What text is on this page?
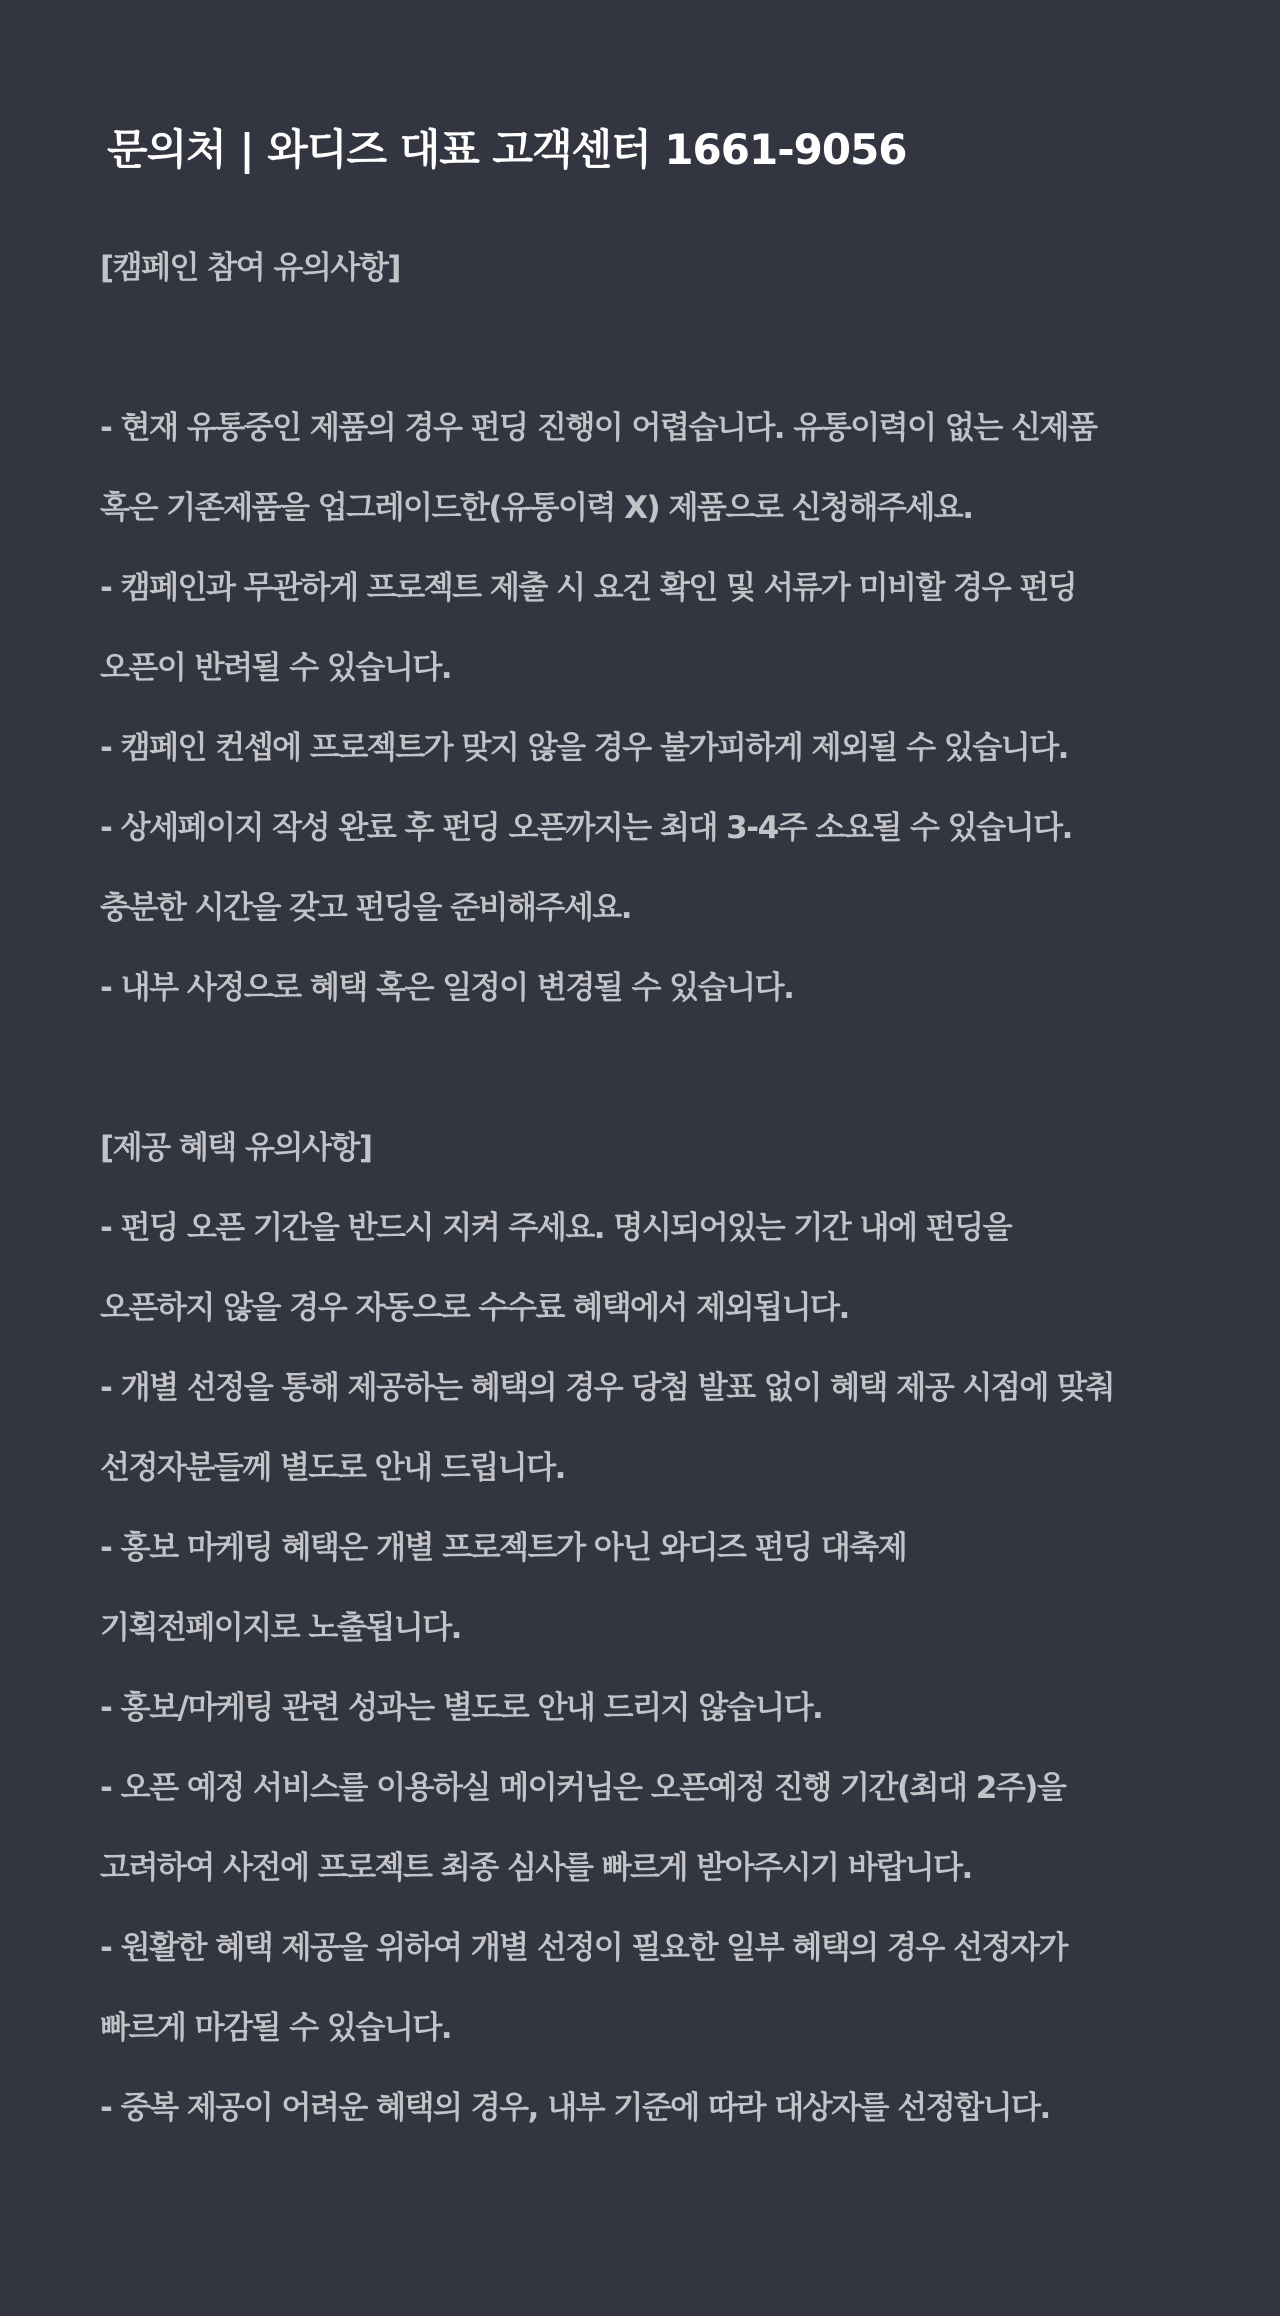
문의처 | 와디즈 대표 고객센터 1661-9056
[캠페인 참여 유의사항]
- 현재 유통중인 제품의 경우 펀딩 진행이 어렵습니다. 유통이력이 없는 신제품
혹은 기존제품을 업그레이드한(유통이력 X) 제품으로 신청해주세요.
- 캠페인과 무관하게 프로젝트 제출 시 요건 확인 및 서류가 미비할 경우 펀딩
오픈이 반려될 수 있습니다.
- 캠페인 컨셉에 프로젝트가 맞지 않을 경우 불가피하게 제외될 수 있습니다.
- 상세페이지 작성 완료 후 펀딩 오픈까지는 최대 3-4주 소요될 수 있습니다.
충분한 시간을 갖고 펀딩을 준비해주세요.
- 내부 사정으로 혜택 혹은 일정이 변경될 수 있습니다.
[제공 혜택 유의사항]
- 펀딩 오픈 기간을 반드시 지켜 주세요. 명시되어있는 기간 내에 펀딩을
오픈하지 않을 경우 자동으로 수수료 혜택에서 제외됩니다.
- 개별 선정을 통해 제공하는 혜택의 경우 당첨 발표 없이 혜택 제공 시점에 맞춰
선정자분들께 별도로 안내 드립니다.
- 홍보 마케팅 혜택은 개별 프로젝트가 아닌 와디즈 펀딩 대축제
기획전페이지로 노출됩니다.
- 홍보/마케팅 관련 성과는 별도로 안내 드리지 않습니다.
- 오픈 예정 서비스를 이용하실 메이커님은 오픈예정 진행 기간(최대 2주)을
고려하여 사전에 프로젝트 최종 심사를 빠르게 받아주시기 바랍니다.
- 원활한 혜택 제공을 위하여 개별 선정이 필요한 일부 혜택의 경우 선정자가
빠르게 마감될 수 있습니다.
- 중복 제공이 어려운 혜택의 경우, 내부 기준에 따라 대상자를 선정합니다.
